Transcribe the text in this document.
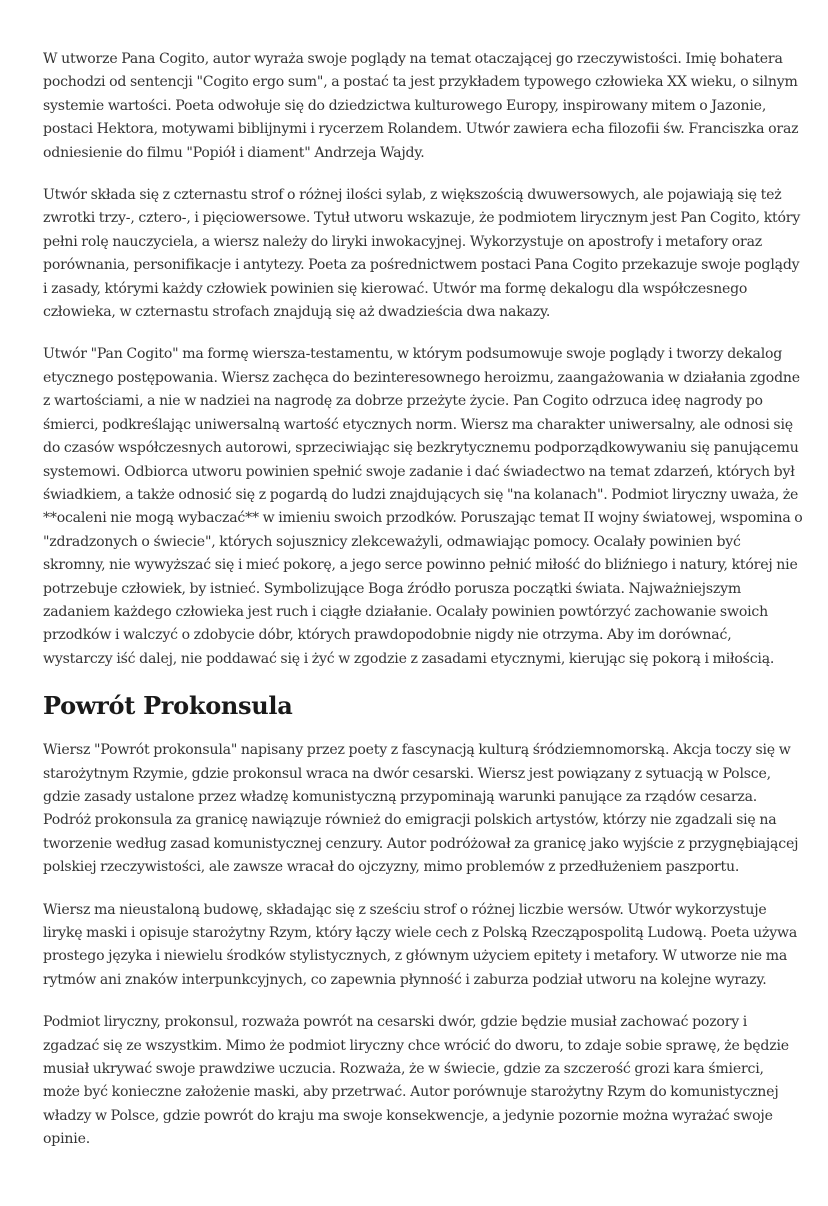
W utworze Pana Cogito, autor wyraża swoje poglądy na temat otaczającej go rzeczywistości. Imię bohatera pochodzi od sentencji "Cogito ergo sum", a postać ta jest przykładem typowego człowieka XX wieku, o silnym systemie wartości. Poeta odwołuje się do dziedzictwa kulturowego Europy, inspirowany mitem o Jazonie, postaci Hektora, motywami biblijnymi i rycerzem Rolandem. Utwór zawiera echa filozofii św. Franciszka oraz odniesienie do filmu "Popiół i diament" Andrzeja Wajdy.

Utwór składa się z czternastu strof o różnej ilości sylab, z większością dwuwersowych, ale pojawiają się też zwrotki trzy-, cztero-, i pięciowersowe. Tytuł utworu wskazuje, że podmiotem lirycznym jest Pan Cogito, który pełni rolę nauczyciela, a wiersz należy do liryki inwokacyjnej. Wykorzystuje on apostrofy i metafory oraz porównania, personifikacje i antytezy. Poeta za pośrednictwem postaci Pana Cogito przekazuje swoje poglądy i zasady, którymi każdy człowiek powinien się kierować. Utwór ma formę dekalogu dla współczesnego człowieka, w czternastu strofach znajdują się aż dwadzieścia dwa nakazy.

Utwór "Pan Cogito" ma formę wiersza-testamentu, w którym podsumowuje swoje poglądy i tworzy dekalog etycznego postępowania. Wiersz zachęca do bezinteresownego heroizmu, zaangażowania w działania zgodne z wartościami, a nie w nadziei na nagrodę za dobrze przeżyte życie. Pan Cogito odrzuca ideę nagrody po śmierci, podkreślając uniwersalną wartość etycznych norm. Wiersz ma charakter uniwersalny, ale odnosi się do czasów współczesnych autorowi, sprzeciwiając się bezkrytycznemu podporządkowywaniu się panującemu systemowi. Odbiorca utworu powinien spełnić swoje zadanie i dać świadectwo na temat zdarzeń, których był świadkiem, a także odnosić się z pogardą do ludzi znajdujących się "na kolanach". Podmiot liryczny uważa, że **ocaleni nie mogą wybaczać** w imieniu swoich przodków. Poruszając temat II wojny światowej, wspomina o "zdradzonych o świecie", których sojusznicy zlekceważyli, odmawiając pomocy. Ocalały powinien być skromny, nie wywyższać się i mieć pokorę, a jego serce powinno pełnić miłość do bliźniego i natury, której nie potrzebuje człowiek, by istnieć. Symbolizujące Boga źródło porusza początki świata. Najważniejszym zadaniem każdego człowieka jest ruch i ciągłe działanie. Ocalały powinien powtórzyć zachowanie swoich przodków i walczyć o zdobycie dóbr, których prawdopodobnie nigdy nie otrzyma. Aby im dorównać, wystarczy iść dalej, nie poddawać się i żyć w zgodzie z zasadami etycznymi, kierując się pokorą i miłością.

Powrót Prokonsula

Wiersz "Powrót prokonsula" napisany przez poety z fascynacją kulturą śródziemnomorską. Akcja toczy się w starożytnym Rzymie, gdzie prokonsul wraca na dwór cesarski. Wiersz jest powiązany z sytuacją w Polsce, gdzie zasady ustalone przez władzę komunistyczną przypominają warunki panujące za rządów cesarza. Podróż prokonsula za granicę nawiązuje również do emigracji polskich artystów, którzy nie zgadzali się na tworzenie według zasad komunistycznej cenzury. Autor podróżował za granicę jako wyjście z przygnębiającej polskiej rzeczywistości, ale zawsze wracał do ojczyzny, mimo problemów z przedłużeniem paszportu.

Wiersz ma nieustaloną budowę, składając się z sześciu strof o różnej liczbie wersów. Utwór wykorzystuje lirykę maski i opisuje starożytny Rzym, który łączy wiele cech z Polską Rzecząpospolitą Ludową. Poeta używa prostego języka i niewielu środków stylistycznych, z głównym użyciem epitety i metafory. W utworze nie ma rytmów ani znaków interpunkcyjnych, co zapewnia płynność i zaburza podział utworu na kolejne wyrazy.

Podmiot liryczny, prokonsul, rozważa powrót na cesarski dwór, gdzie będzie musiał zachować pozory i zgadzać się ze wszystkim. Mimo że podmiot liryczny chce wrócić do dworu, to zdaje sobie sprawę, że będzie musiał ukrywać swoje prawdziwe uczucia. Rozważa, że w świecie, gdzie za szczerość grozi kara śmierci, może być konieczne założenie maski, aby przetrwać. Autor porównuje starożytny Rzym do komunistycznej władzy w Polsce, gdzie powrót do kraju ma swoje konsekwencje, a jedynie pozornie można wyrażać swoje opinie.
